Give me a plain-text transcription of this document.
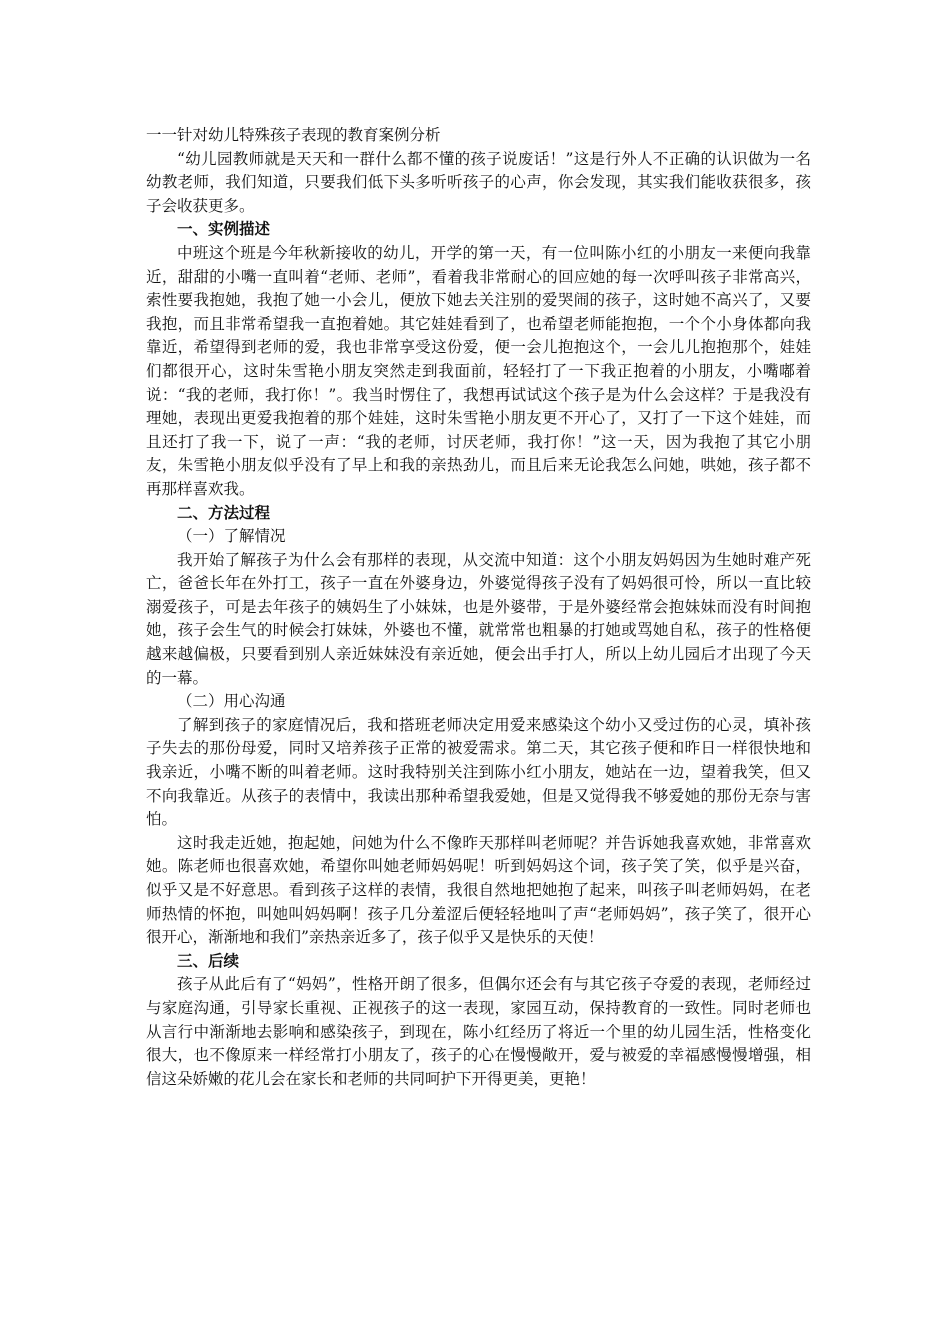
一一针对幼儿特殊孩子表现的教育案例分析

“幼儿园教师就是天天和一群什么都不懂的孩子说废话！”这是行外人不正确的认识做为一名幼教老师，我们知道，只要我们低下头多听听孩子的心声，你会发现，其实我们能收获很多，孩子会收获更多。

一、实例描述

中班这个班是今年秋新接收的幼儿，开学的第一天，有一位叫陈小红的小朋友一来便向我靠近，甜甜的小嘴一直叫着“老师、老师”，看着我非常耐心的回应她的每一次呼叫孩子非常高兴，索性要我抱她，我抱了她一小会儿，便放下她去关注别的爱哭闹的孩子，这时她不高兴了，又要我抱，而且非常希望我一直抱着她。其它娃娃看到了，也希望老师能抱抱，一个个小身体都向我靠近，希望得到老师的爱，我也非常享受这份爱，便一会儿抱抱这个，一会儿儿抱抱那个，娃娃们都很开心，这时朱雪艳小朋友突然走到我面前，轻轻打了一下我正抱着的小朋友，小嘴嘟着说：“我的老师，我打你！”。我当时愣住了，我想再试试这个孩子是为什么会这样？于是我没有理她，表现出更爱我抱着的那个娃娃，这时朱雪艳小朋友更不开心了，又打了一下这个娃娃，而且还打了我一下，说了一声：“我的老师，讨厌老师，我打你！”这一天，因为我抱了其它小朋友，朱雪艳小朋友似乎没有了早上和我的亲热劲儿，而且后来无论我怎么问她，哄她，孩子都不再那样喜欢我。

二、方法过程

（一）了解情况

我开始了解孩子为什么会有那样的表现，从交流中知道：这个小朋友妈妈因为生她时难产死亡，爸爸长年在外打工，孩子一直在外婆身边，外婆觉得孩子没有了妈妈很可怜，所以一直比较溺爱孩子，可是去年孩子的姨妈生了小妹妹，也是外婆带，于是外婆经常会抱妹妹而没有时间抱她，孩子会生气的时候会打妹妹，外婆也不懂，就常常也粗暴的打她或骂她自私，孩子的性格便越来越偏极，只要看到别人亲近妹妹没有亲近她，便会出手打人，所以上幼儿园后才出现了今天的一幕。

（二）用心沟通

了解到孩子的家庭情况后，我和搭班老师决定用爱来感染这个幼小又受过伤的心灵，填补孩子失去的那份母爱，同时又培养孩子正常的被爱需求。第二天，其它孩子便和昨日一样很快地和我亲近，小嘴不断的叫着老师。这时我特别关注到陈小红小朋友，她站在一边，望着我笑，但又不向我靠近。从孩子的表情中，我读出那种希望我爱她，但是又觉得我不够爱她的那份无奈与害怕。

这时我走近她，抱起她，问她为什么不像昨天那样叫老师呢？并告诉她我喜欢她，非常喜欢她。陈老师也很喜欢她，希望你叫她老师妈妈呢！听到妈妈这个词，孩子笑了笑，似乎是兴奋，似乎又是不好意思。看到孩子这样的表情，我很自然地把她抱了起来，叫孩子叫老师妈妈，在老师热情的怀抱，叫她叫妈妈啊！孩子几分羞涩后便轻轻地叫了声“老师妈妈”，孩子笑了，很开心很开心，渐渐地和我们”亲热亲近多了，孩子似乎又是快乐的天使！

三、后续

孩子从此后有了“妈妈”，性格开朗了很多，但偶尔还会有与其它孩子夺爱的表现，老师经过与家庭沟通，引导家长重视、正视孩子的这一表现，家园互动，保持教育的一致性。同时老师也从言行中渐渐地去影响和感染孩子，到现在，陈小红经历了将近一个里的幼儿园生活，性格变化很大，也不像原来一样经常打小朋友了，孩子的心在慢慢敞开，爱与被爱的幸福感慢慢增强，相信这朵娇嫩的花儿会在家长和老师的共同呵护下开得更美，更艳！
